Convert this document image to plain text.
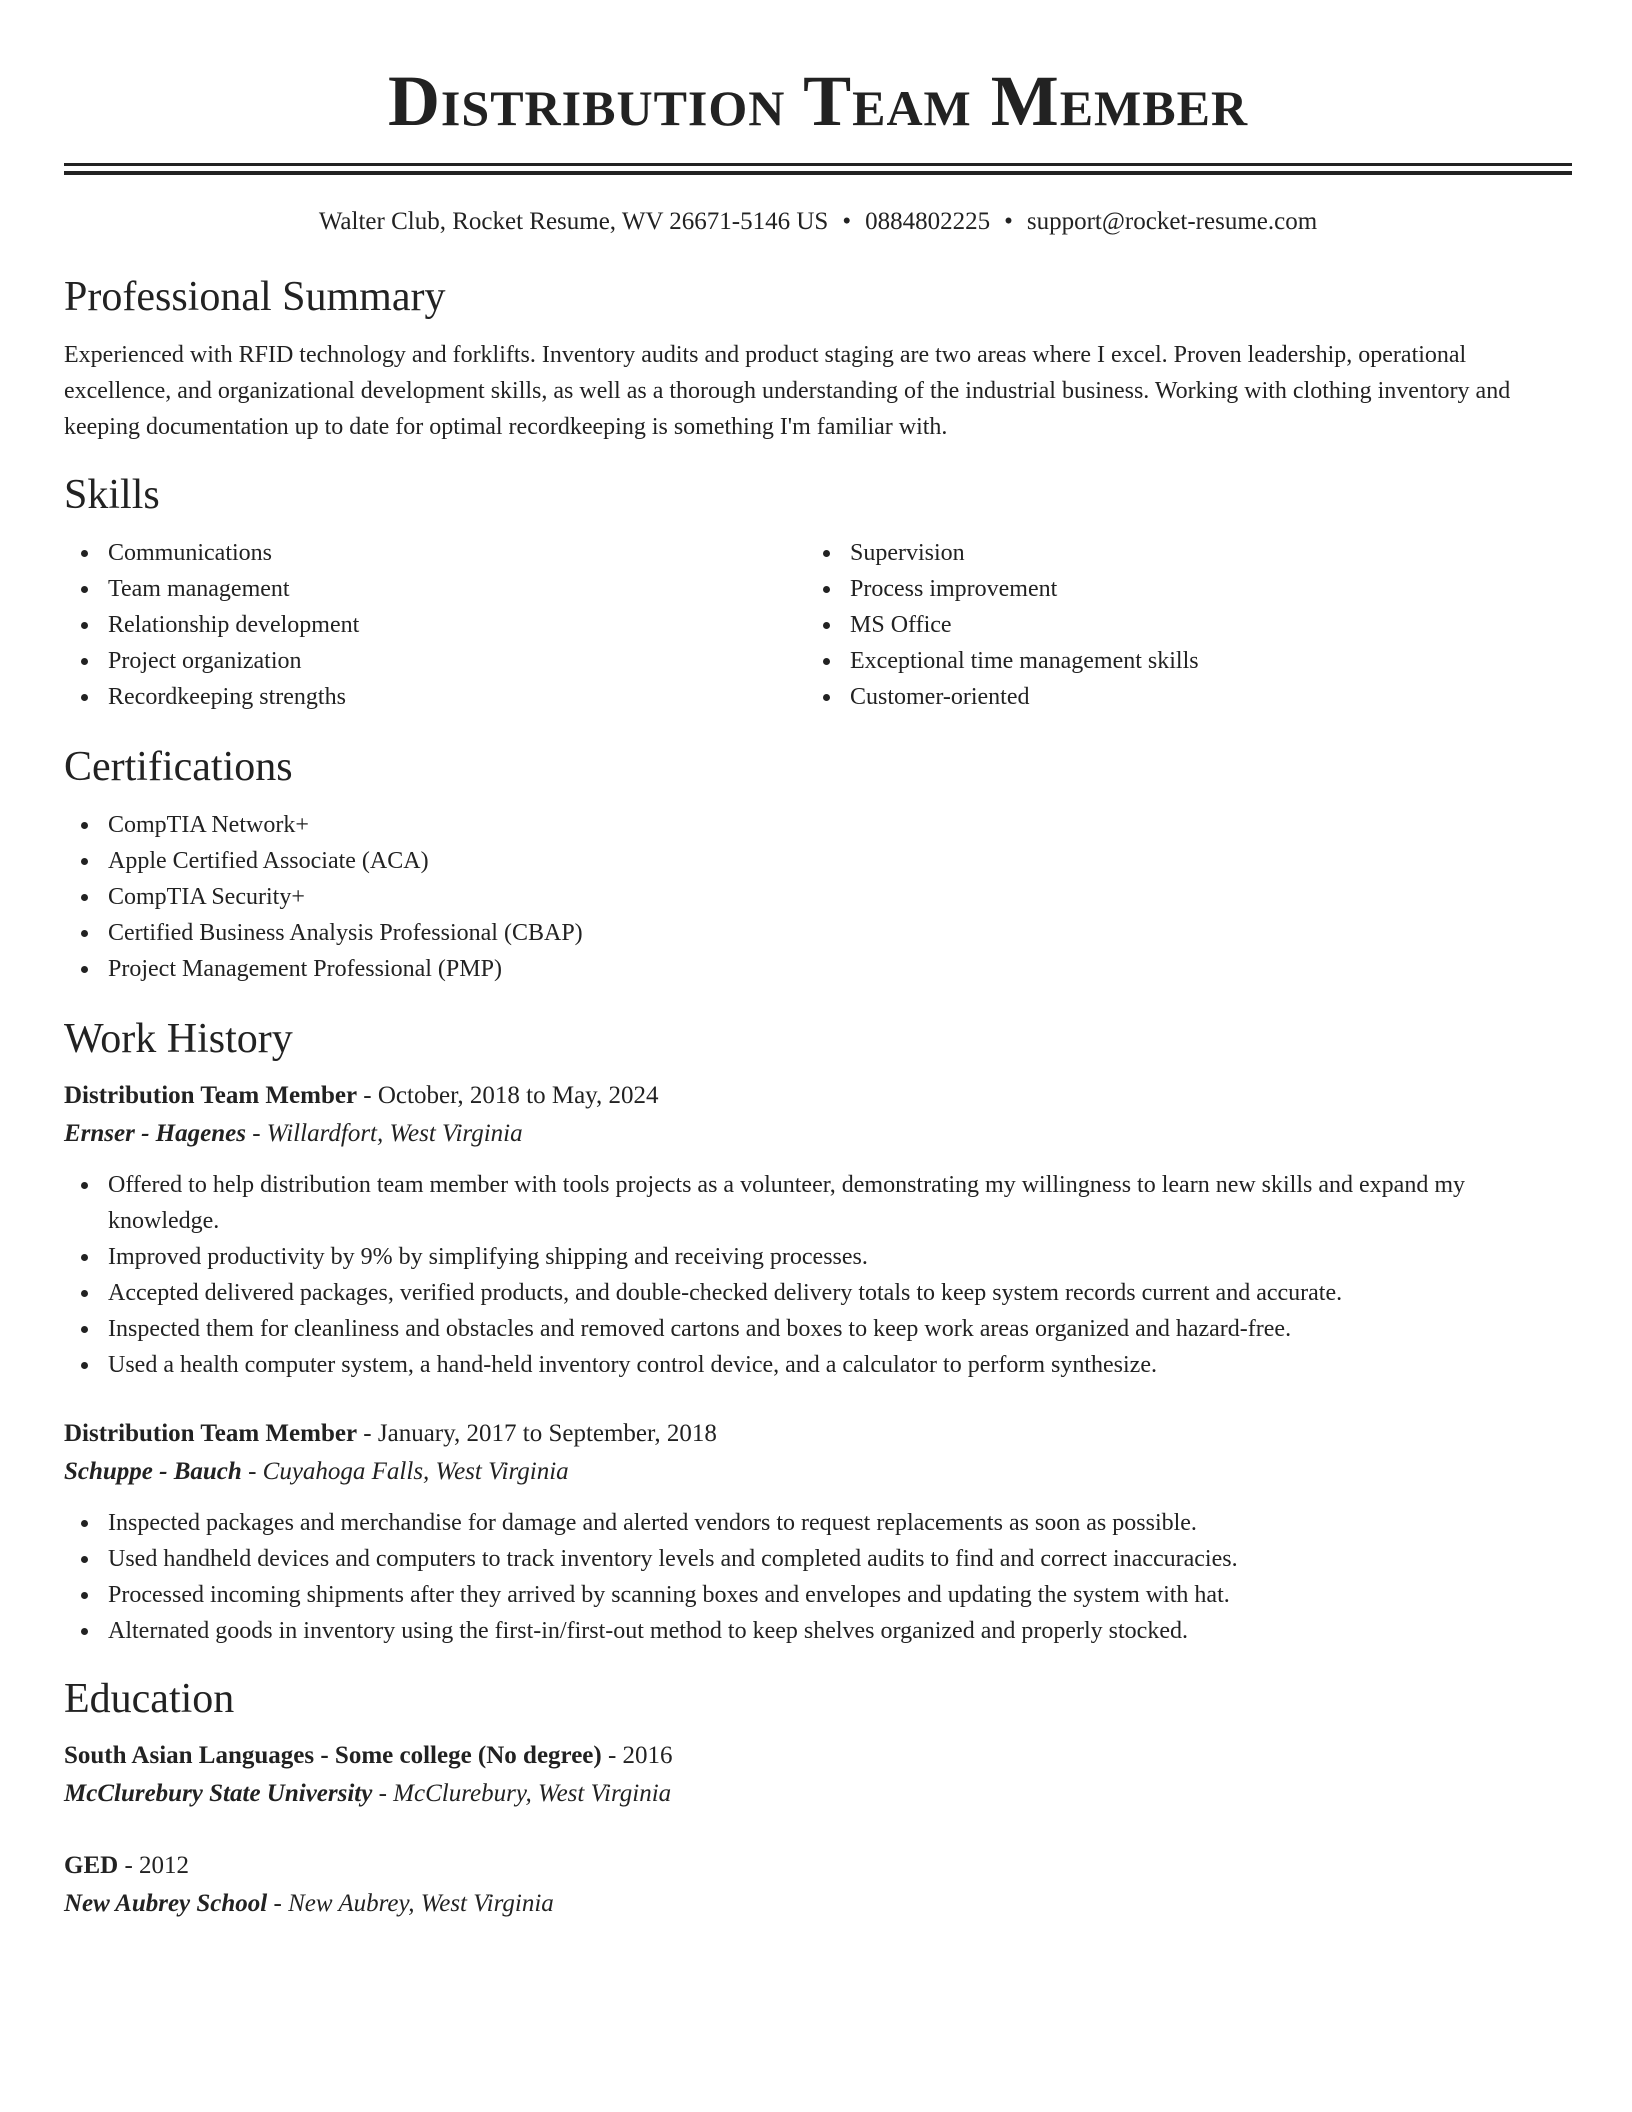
Distribution Team Member
Walter Club, Rocket Resume, WV 26671-5146 US • 0884802225 • support@rocket-resume.com
Professional Summary

Experienced with RFID technology and forklifts. Inventory audits and product staging are two areas where I excel. Proven leadership, operational excellence, and organizational development skills, as well as a thorough understanding of the industrial business. Working with clothing inventory and keeping documentation up to date for optimal recordkeeping is something I'm familiar with.

Skills
Communications
Team management
Relationship development
Project organization
Recordkeeping strengths
Supervision
Process improvement
MS Office
Exceptional time management skills
Customer-oriented
Certifications
CompTIA Network+
Apple Certified Associate (ACA)
CompTIA Security+
Certified Business Analysis Professional (CBAP)
Project Management Professional (PMP)
Work History
Distribution Team Member - October, 2018 to May, 2024
Ernser - Hagenes - Willardfort, West Virginia
Offered to help distribution team member with tools projects as a volunteer, demonstrating my willingness to learn new skills and expand my knowledge.
Improved productivity by 9% by simplifying shipping and receiving processes.
Accepted delivered packages, verified products, and double-checked delivery totals to keep system records current and accurate.
Inspected them for cleanliness and obstacles and removed cartons and boxes to keep work areas organized and hazard-free.
Used a health computer system, a hand-held inventory control device, and a calculator to perform synthesize.
Distribution Team Member - January, 2017 to September, 2018
Schuppe - Bauch - Cuyahoga Falls, West Virginia
Inspected packages and merchandise for damage and alerted vendors to request replacements as soon as possible.
Used handheld devices and computers to track inventory levels and completed audits to find and correct inaccuracies.
Processed incoming shipments after they arrived by scanning boxes and envelopes and updating the system with hat.
Alternated goods in inventory using the first-in/first-out method to keep shelves organized and properly stocked.
Education
South Asian Languages - Some college (No degree) - 2016
McClurebury State University - McClurebury, West Virginia
GED - 2012
New Aubrey School - New Aubrey, West Virginia
